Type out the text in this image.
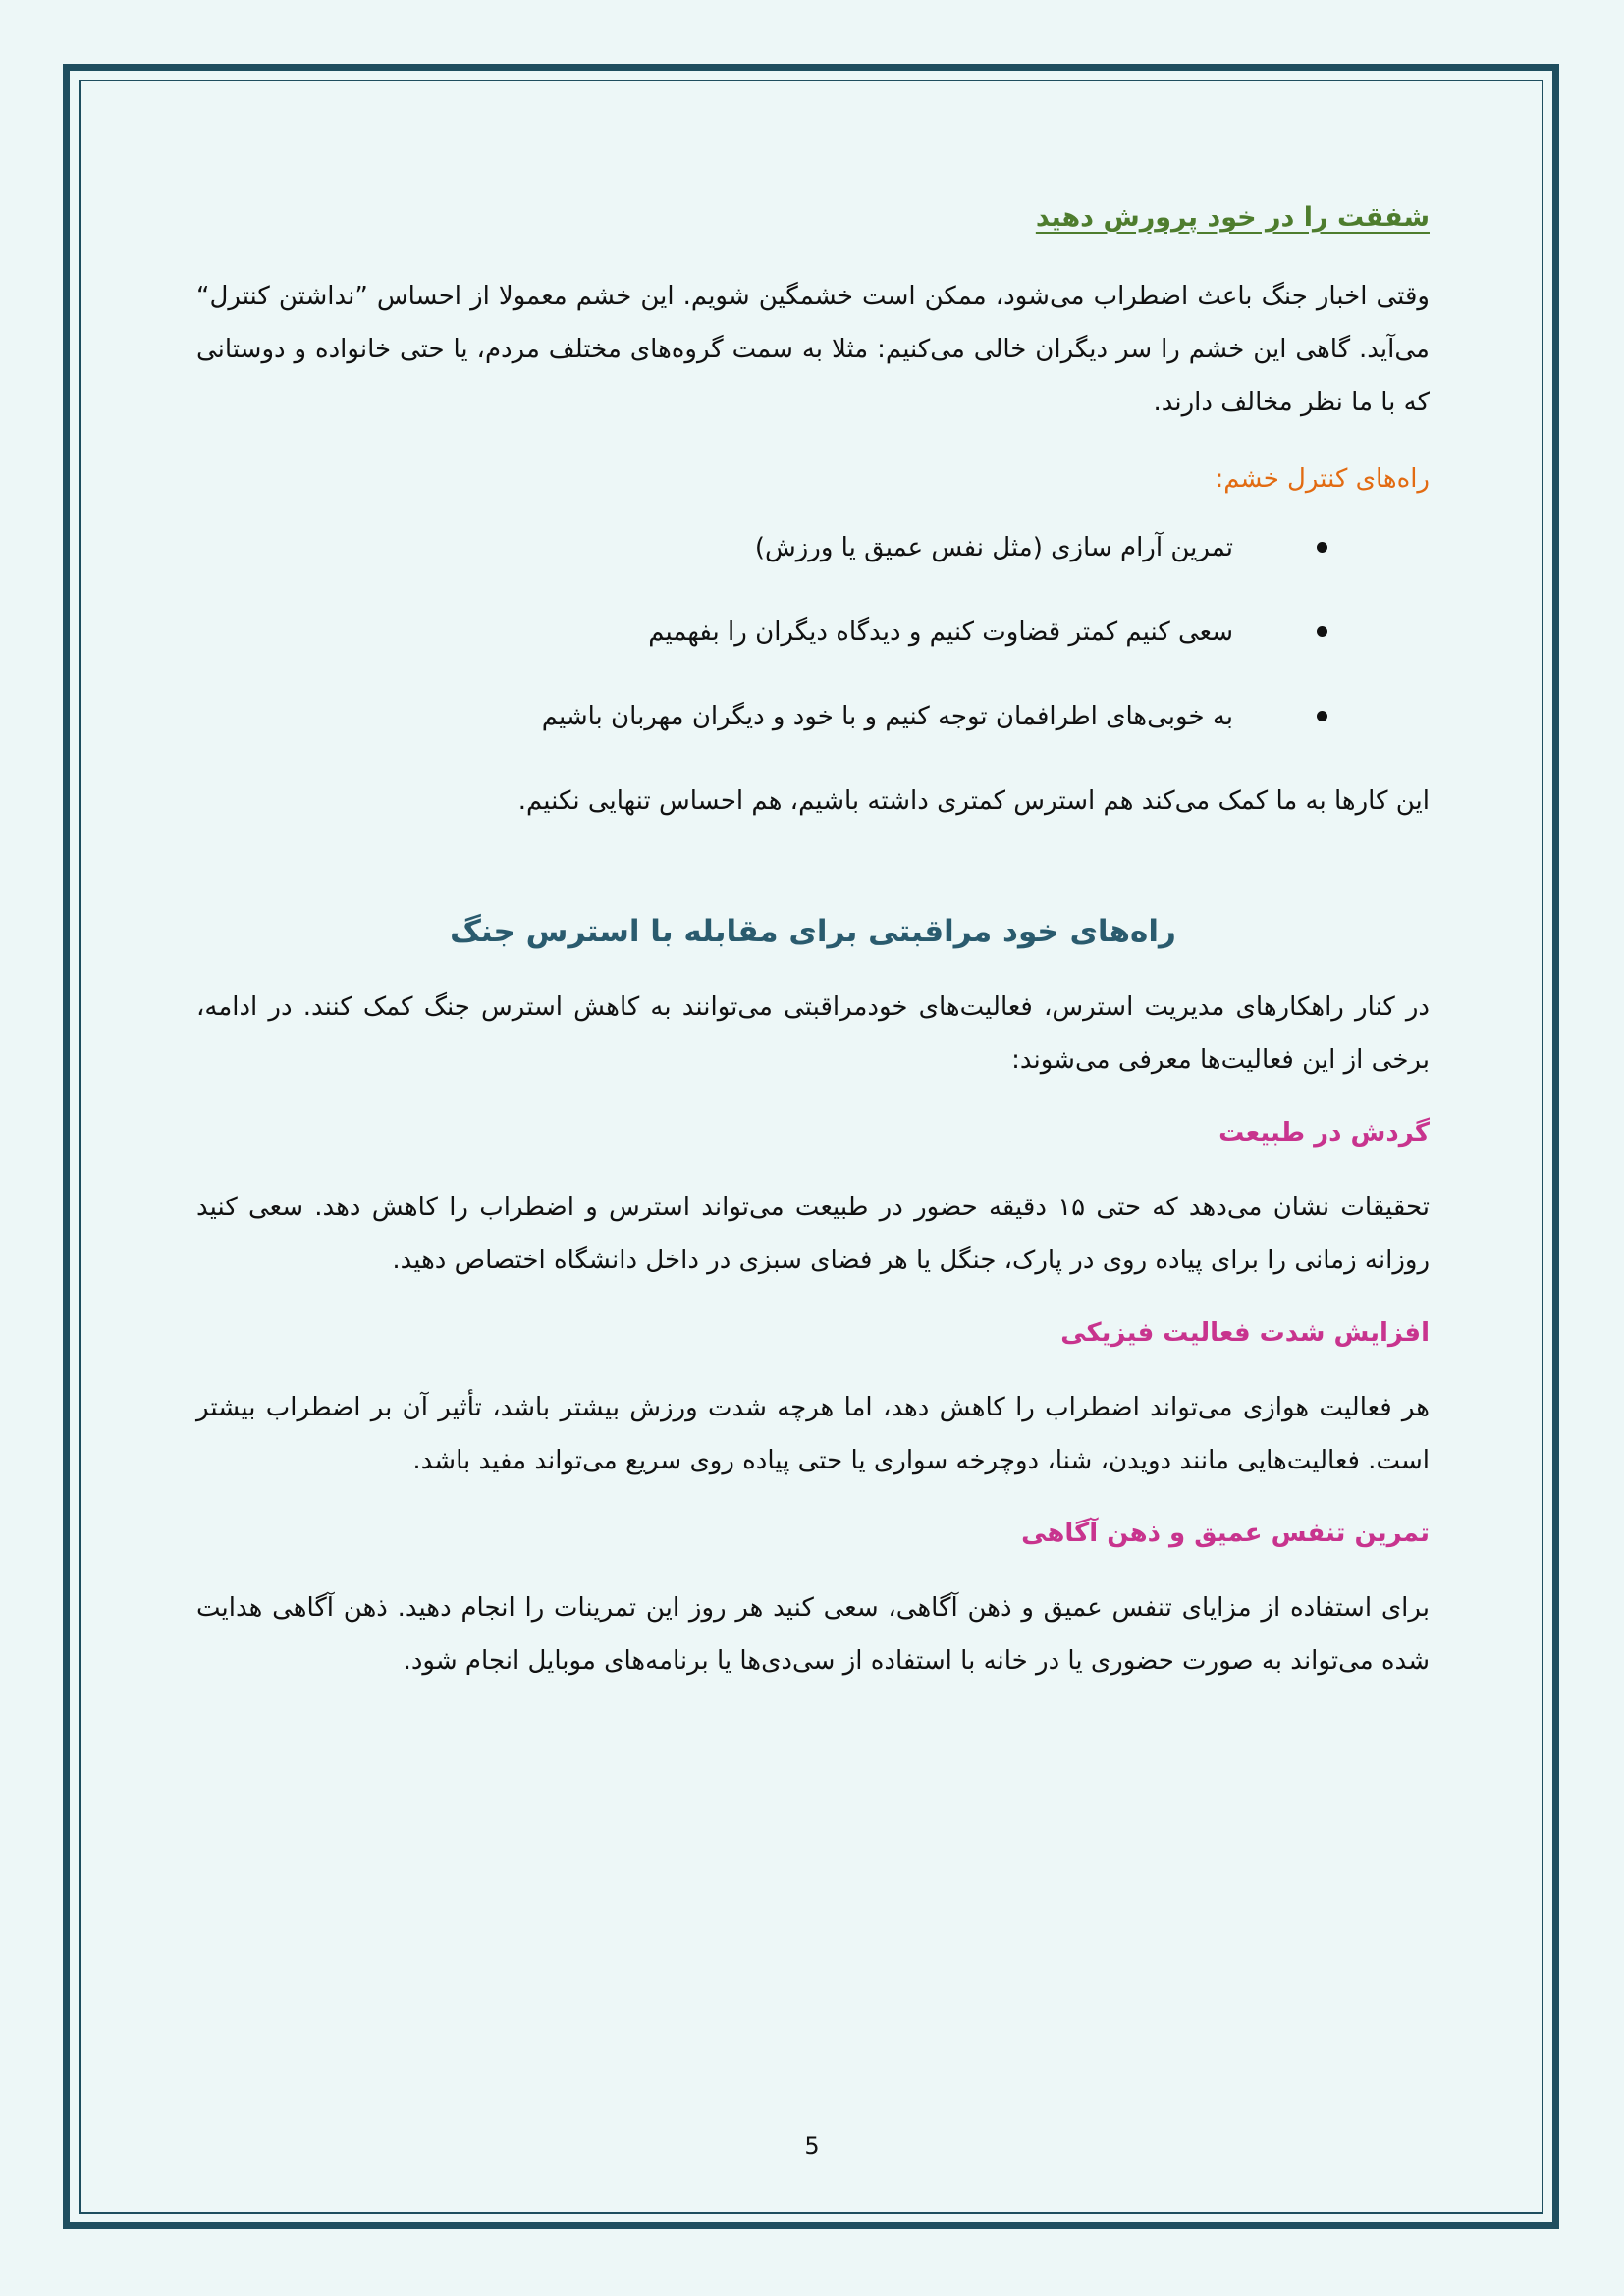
شفقت را در خود پرورش دهید

وقتی اخبار جنگ باعث اضطراب می‌شود، ممکن است خشمگین شویم. این خشم معمولا از احساس ”نداشتن کنترل“ می‌آید. گاهی این خشم را سر دیگران خالی می‌کنیم: مثلا به سمت گروه‌های مختلف مردم، یا حتی خانواده و دوستانی که با ما نظر مخالف دارند.

راه‌های کنترل خشم:
تمرین آرام سازی (مثل نفس عمیق یا ورزش)
سعی کنیم کمتر قضاوت کنیم و دیدگاه دیگران را بفهمیم
به خوبی‌های اطرافمان توجه کنیم و با خود و دیگران مهربان باشیم

این کارها به ما کمک می‌کند هم استرس کمتری داشته باشیم، هم احساس تنهایی نکنیم.

راه‌های خود مراقبتی برای مقابله با استرس جنگ

در کنار راهکارهای مدیریت استرس، فعالیت‌های خودمراقبتی می‌توانند به کاهش استرس جنگ کمک کنند. در ادامه، برخی از این فعالیت‌ها معرفی می‌شوند:

گردش در طبیعت

تحقیقات نشان می‌دهد که حتی ۱۵ دقیقه حضور در طبیعت می‌تواند استرس و اضطراب را کاهش دهد. سعی کنید روزانه زمانی را برای پیاده روی در پارک، جنگل یا هر فضای سبزی در داخل دانشگاه اختصاص دهید.

افزایش شدت فعالیت فیزیکی

هر فعالیت هوازی می‌تواند اضطراب را کاهش دهد، اما هرچه شدت ورزش بیشتر باشد، تأثیر آن بر اضطراب بیشتر است. فعالیت‌هایی مانند دویدن، شنا، دوچرخه سواری یا حتی پیاده روی سریع می‌تواند مفید باشد.

تمرین تنفس عمیق و ذهن آگاهی

برای استفاده از مزایای تنفس عمیق و ذهن آگاهی، سعی کنید هر روز این تمرینات را انجام دهید. ذهن آگاهی هدایت شده می‌تواند به صورت حضوری یا در خانه با استفاده از سی‌دی‌ها یا برنامه‌های موبایل انجام شود.

5
